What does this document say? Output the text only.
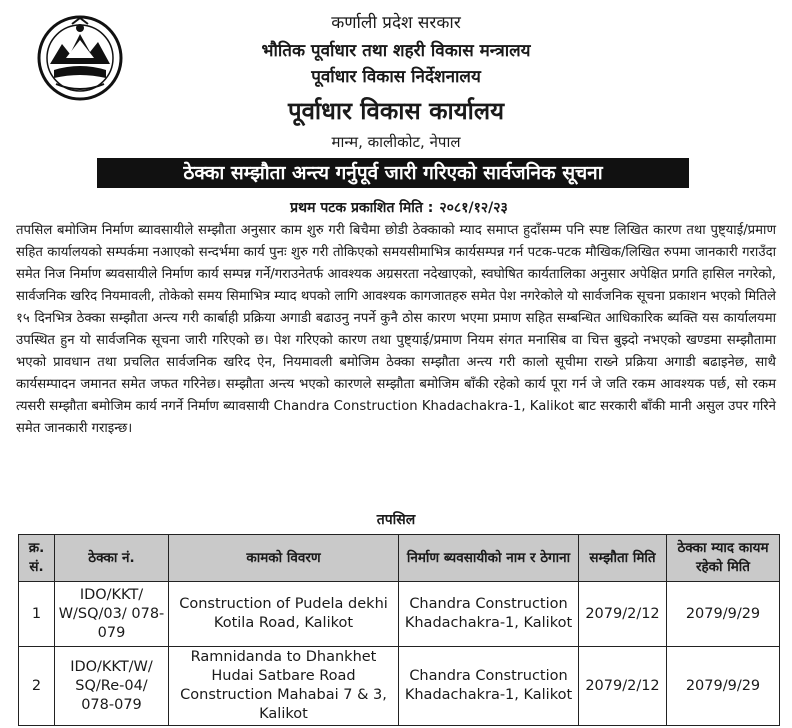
कर्णाली प्रदेश सरकार
भौतिक पूर्वाधार तथा शहरी विकास मन्त्रालय
पूर्वाधार विकास निर्देशनालय
पूर्वाधार विकास कार्यालय
मान्म, कालीकोट, नेपाल
ठेक्का सम्झौता अन्त्य गर्नुपूर्व जारी गरिएको सार्वजनिक सूचना
प्रथम पटक प्रकाशित मिति : २०८१/१२/२३
तपसिल बमोजिम निर्माण ब्यावसायीले सम्झौता अनुसार काम शुरु गरी बिचैमा छोडी ठेक्काको म्याद समाप्त हुदाँसम्म पनि स्पष्ट लिखित कारण तथा पुष्ट्याई/प्रमाण सहित कार्यालयको सम्पर्कमा नआएको सन्दर्भमा कार्य पुनः शुरु गरी तोकिएको समयसीमाभित्र कार्यसम्पन्न गर्न पटक-पटक मौखिक/लिखित रुपमा जानकारी गराउँदा समेत निज निर्माण ब्यवसायीले निर्माण कार्य सम्पन्न गर्ने/गराउनेतर्फ आवश्यक अग्रसरता नदेखाएको, स्वघोषित कार्यतालिका अनुसार अपेक्षित प्रगति हासिल नगरेको, सार्वजनिक खरिद नियमावली, तोकेको समय सिमाभित्र म्याद थपको लागि आवश्यक कागजातहरु समेत पेश नगरेकोले यो सार्वजनिक सूचना प्रकाशन भएको मितिले १५ दिनभित्र ठेक्का सम्झौता अन्त्य गरी कार्बाही प्रक्रिया अगाडी बढाउनु नपर्ने कुनै ठोस कारण भएमा प्रमाण सहित सम्बन्धित आधिकारिक ब्यक्ति यस कार्यालयमा उपस्थित हुन यो सार्वजनिक सूचना जारी गरिएको छ। पेश गरिएको कारण तथा पुष्ट्याई/प्रमाण नियम संगत मनासिब वा चित्त बुझ्दो नभएको खण्डमा सम्झौतामा भएको प्रावधान तथा प्रचलित सार्वजनिक खरिद ऐन, नियमावली बमोजिम ठेक्का सम्झौता अन्त्य गरी कालो सूचीमा राख्ने प्रक्रिया अगाडी बढाइनेछ, साथै कार्यसम्पादन जमानत समेत जफत गरिनेछ। सम्झौता अन्त्य भएको कारणले सम्झौता बमोजिम बाँकी रहेको कार्य पूरा गर्न जे जति रकम आवश्यक पर्छ, सो रकम त्यसरी सम्झौता बमोजिम कार्य नगर्ने निर्माण ब्यावसायी Chandra Construction Khadachakra-1, Kalikot बाट सरकारी बाँकी मानी असुल उपर गरिने समेत जानकारी गराइन्छ।
तपसिल
क्र. सं.	ठेक्का नं.	कामको विवरण	निर्माण ब्यवसायीको नाम र ठेगाना	सम्झौता मिति	ठेक्का म्याद कायम रहेको मिति
1	IDO/KKT/ W/SQ/03/ 078-079	Construction of Pudela dekhi Kotila Road, Kalikot	Chandra Construction Khadachakra-1, Kalikot	2079/2/12	2079/9/29
2	IDO/KKT/W/ SQ/Re-04/ 078-079	Ramnidanda to Dhankhet Hudai Satbare Road Construction Mahabai 7 & 3, Kalikot	Chandra Construction Khadachakra-1, Kalikot	2079/2/12	2079/9/29
